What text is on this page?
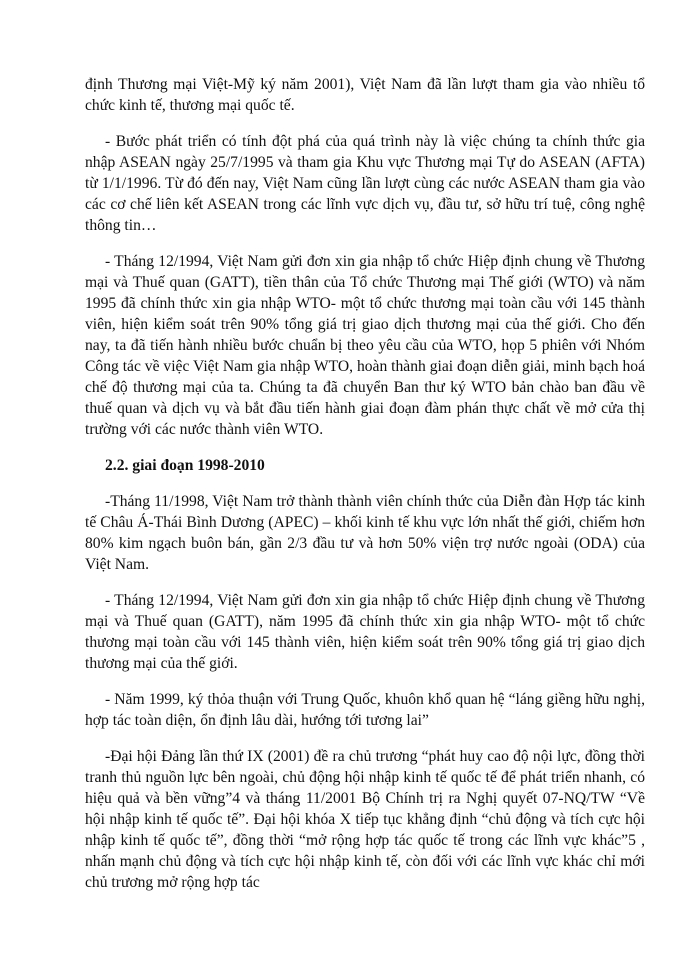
định Thương mại Việt-Mỹ ký năm 2001), Việt Nam đã lần lượt tham gia vào nhiều tổ chức kinh tế, thương mại quốc tế.

- Bước phát triển có tính đột phá của quá trình này là việc chúng ta chính thức gia nhập ASEAN ngày 25/7/1995 và tham gia Khu vực Thương mại Tự do ASEAN (AFTA) từ 1/1/1996. Từ đó đến nay, Việt Nam cũng lần lượt cùng các nước ASEAN tham gia vào các cơ chế liên kết ASEAN trong các lĩnh vực dịch vụ, đầu tư, sở hữu trí tuệ, công nghệ thông tin…

- Tháng 12/1994, Việt Nam gửi đơn xin gia nhập tổ chức Hiệp định chung về Thương mại và Thuế quan (GATT), tiền thân của Tổ chức Thương mại Thế giới (WTO) và năm 1995 đã chính thức xin gia nhập WTO- một tổ chức thương mại toàn cầu với 145 thành viên, hiện kiểm soát trên 90% tổng giá trị giao dịch thương mại của thế giới. Cho đến nay, ta đã tiến hành nhiều bước chuẩn bị theo yêu cầu của WTO, họp 5 phiên với Nhóm Công tác về việc Việt Nam gia nhập WTO, hoàn thành giai đoạn diễn giải, minh bạch hoá chế độ thương mại của ta. Chúng ta đã chuyển Ban thư ký WTO bản chào ban đầu về thuế quan và dịch vụ và bắt đầu tiến hành giai đoạn đàm phán thực chất về mở cửa thị trường với các nước thành viên WTO.

2.2. giai đoạn 1998-2010

-Tháng 11/1998, Việt Nam trở thành thành viên chính thức của Diễn đàn Hợp tác kinh tế Châu Á-Thái Bình Dương (APEC) – khối kinh tế khu vực lớn nhất thế giới, chiếm hơn 80% kim ngạch buôn bán, gần 2/3 đầu tư và hơn 50% viện trợ nước ngoài (ODA) của Việt Nam.

- Tháng 12/1994, Việt Nam gửi đơn xin gia nhập tổ chức Hiệp định chung về Thương mại và Thuế quan (GATT), năm 1995 đã chính thức xin gia nhập WTO- một tổ chức thương mại toàn cầu với 145 thành viên, hiện kiểm soát trên 90% tổng giá trị giao dịch thương mại của thế giới.

- Năm 1999, ký thỏa thuận với Trung Quốc, khuôn khổ quan hệ “láng giềng hữu nghị, hợp tác toàn diện, ổn định lâu dài, hướng tới tương lai”

-Đại hội Đảng lần thứ IX (2001) đề ra chủ trương “phát huy cao độ nội lực, đồng thời tranh thủ nguồn lực bên ngoài, chủ động hội nhập kinh tế quốc tế để phát triển nhanh, có hiệu quả và bền vững”4 và tháng 11/2001 Bộ Chính trị ra Nghị quyết 07-NQ/TW “Về hội nhập kinh tế quốc tế”. Đại hội khóa X tiếp tục khẳng định “chủ động và tích cực hội nhập kinh tế quốc tế”, đồng thời “mở rộng hợp tác quốc tế trong các lĩnh vực khác”5 , nhấn mạnh chủ động và tích cực hội nhập kinh tế, còn đối với các lĩnh vực khác chỉ mới chủ trương mở rộng hợp tác
